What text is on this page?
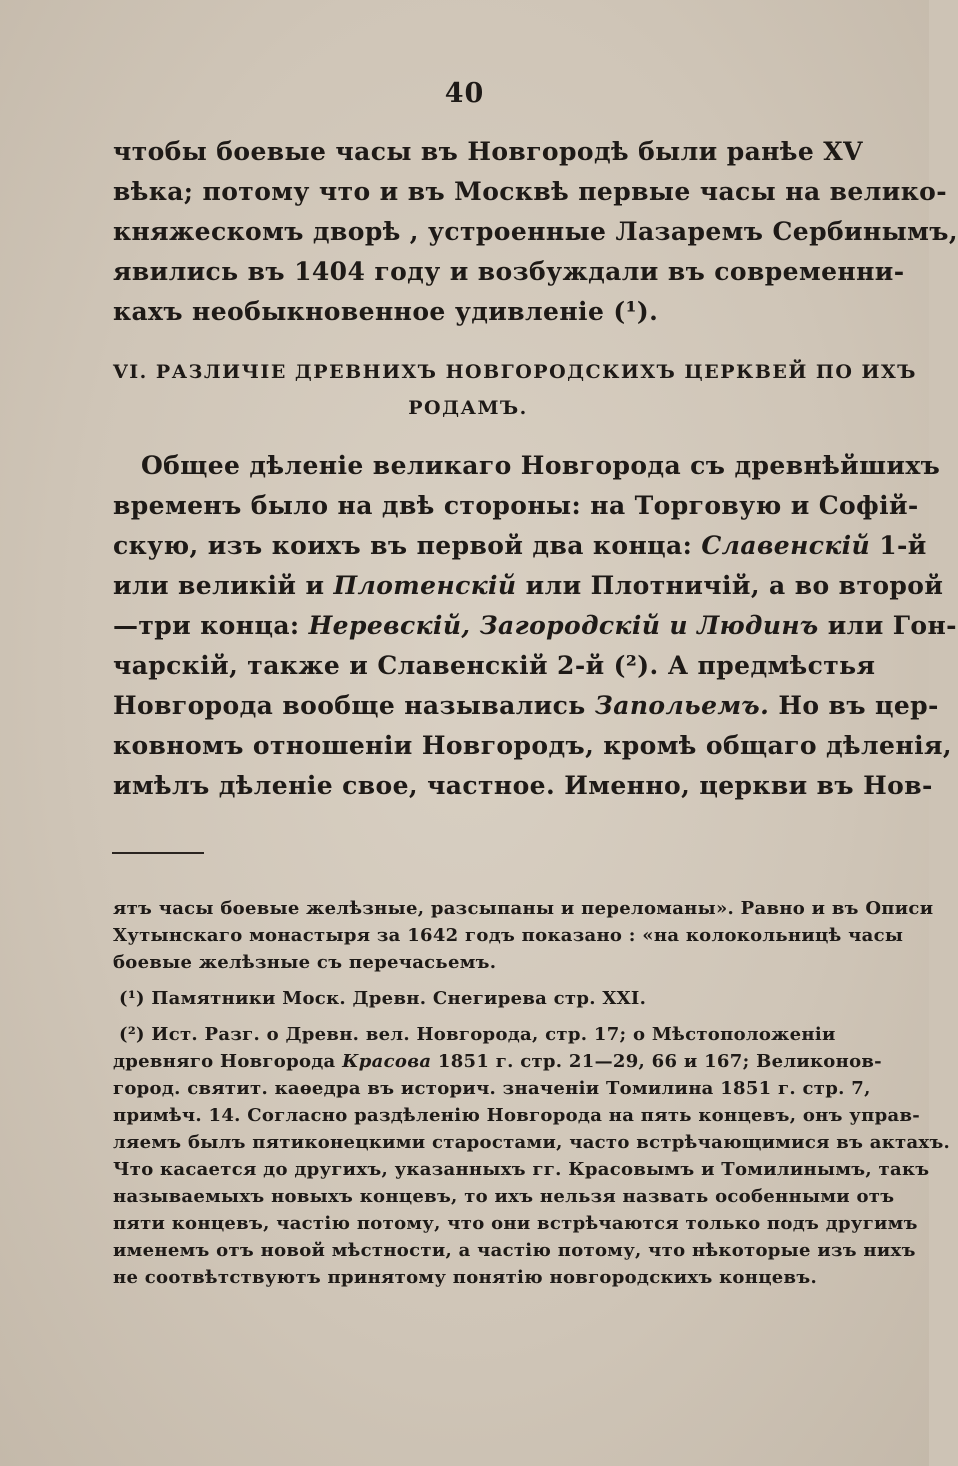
40
чтобы боевые часы въ Новгородѣ были ранѣе XV
вѣка; потому что и въ Москвѣ первые часы на велико-
княжескомъ дворѣ , устроенные Лазаремъ Сербинымъ,
явились въ 1404 году и возбуждали въ современни-
кахъ необыкновенное удивленіе (¹).
VI. РАЗЛИЧІЕ ДРЕВНИХЪ НОВГОРОДСКИХЪ ЦЕРКВЕЙ ПО ИХЪ
РОДАМЪ.
Общее дѣленіе великаго Новгорода съ древнѣйшихъ
временъ было на двѣ стороны: на Торговую и Софій-
скую, изъ коихъ въ первой два конца: Славенскій 1-й
или великій и Плотенскій или Плотничій, а во второй
—три конца: Неревскій, Загородскій и Людинъ или Гон-
чарскій, также и Славенскій 2-й (²). А предмѣстья
Новгорода вообще назывались Запольемъ. Но въ цер-
ковномъ отношеніи Новгородъ, кромѣ общаго дѣленія,
имѣлъ дѣленіе свое, частное. Именно, церкви въ Нов-
ятъ часы боевые желѣзные, разсыпаны и переломаны». Равно и въ Описи
Хутынскаго монастыря за 1642 годъ показано : «на колокольницѣ часы
боевые желѣзные съ перечасьемъ.
(¹) Памятники Моск. Древн. Снегирева стр. XXI.
(²) Ист. Разг. о Древн. вел. Новгорода, стр. 17; о Мѣстоположеніи
древняго Новгорода Красова 1851 г. стр. 21—29, 66 и 167; Великонов-
город. святит. каѳедра въ историч. значеніи Томилина 1851 г. стр. 7,
примѣч. 14. Согласно раздѣленію Новгорода на пять концевъ, онъ управ-
ляемъ былъ пятиконецкими старостами, часто встрѣчающимися въ актахъ.
Что касается до другихъ, указанныхъ гг. Красовымъ и Томилинымъ, такъ
называемыхъ новыхъ концевъ, то ихъ нельзя назвать особенными отъ
пяти концевъ, частію потому, что они встрѣчаются только подъ другимъ
именемъ отъ новой мѣстности, а частію потому, что нѣкоторые изъ нихъ
не соотвѣтствуютъ принятому понятію новгородскихъ концевъ.
